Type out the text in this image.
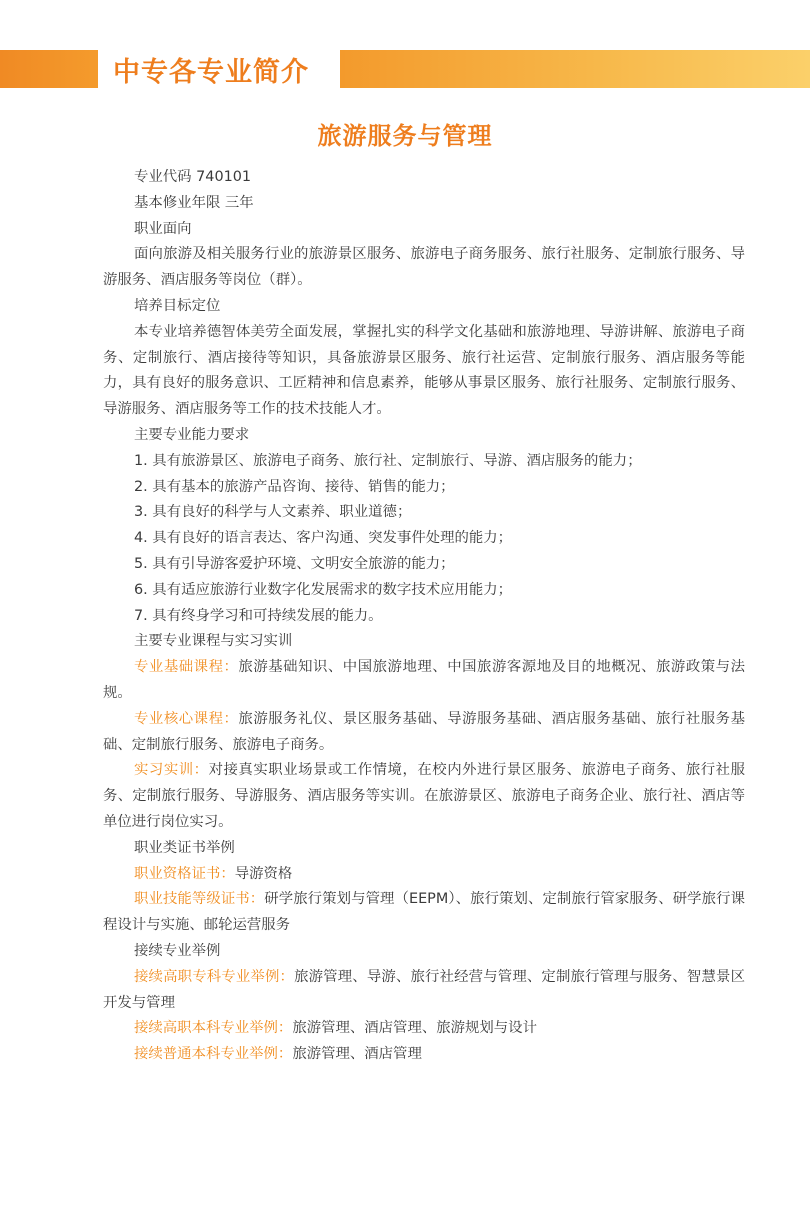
中专各专业简介
旅游服务与管理

专业代码 740101

基本修业年限 三年

职业面向

面向旅游及相关服务行业的旅游景区服务、旅游电子商务服务、旅行社服务、定制旅行服务、导游服务、酒店服务等岗位（群）。

培养目标定位

本专业培养德智体美劳全面发展，掌握扎实的科学文化基础和旅游地理、导游讲解、旅游电子商务、定制旅行、酒店接待等知识，具备旅游景区服务、旅行社运营、定制旅行服务、酒店服务等能力，具有良好的服务意识、工匠精神和信息素养，能够从事景区服务、旅行社服务、定制旅行服务、导游服务、酒店服务等工作的技术技能人才。

主要专业能力要求

1. 具有旅游景区、旅游电子商务、旅行社、定制旅行、导游、酒店服务的能力；

2. 具有基本的旅游产品咨询、接待、销售的能力；

3. 具有良好的科学与人文素养、职业道德；

4. 具有良好的语言表达、客户沟通、突发事件处理的能力；

5. 具有引导游客爱护环境、文明安全旅游的能力；

6. 具有适应旅游行业数字化发展需求的数字技术应用能力；

7. 具有终身学习和可持续发展的能力。

主要专业课程与实习实训

专业基础课程：旅游基础知识、中国旅游地理、中国旅游客源地及目的地概况、旅游政策与法规。

专业核心课程：旅游服务礼仪、景区服务基础、导游服务基础、酒店服务基础、旅行社服务基础、定制旅行服务、旅游电子商务。

实习实训：对接真实职业场景或工作情境，在校内外进行景区服务、旅游电子商务、旅行社服务、定制旅行服务、导游服务、酒店服务等实训。在旅游景区、旅游电子商务企业、旅行社、酒店等单位进行岗位实习。

职业类证书举例

职业资格证书：导游资格

职业技能等级证书：研学旅行策划与管理（EEPM）、旅行策划、定制旅行管家服务、研学旅行课程设计与实施、邮轮运营服务

接续专业举例

接续高职专科专业举例：旅游管理、导游、旅行社经营与管理、定制旅行管理与服务、智慧景区开发与管理

接续高职本科专业举例：旅游管理、酒店管理、旅游规划与设计

接续普通本科专业举例：旅游管理、酒店管理
